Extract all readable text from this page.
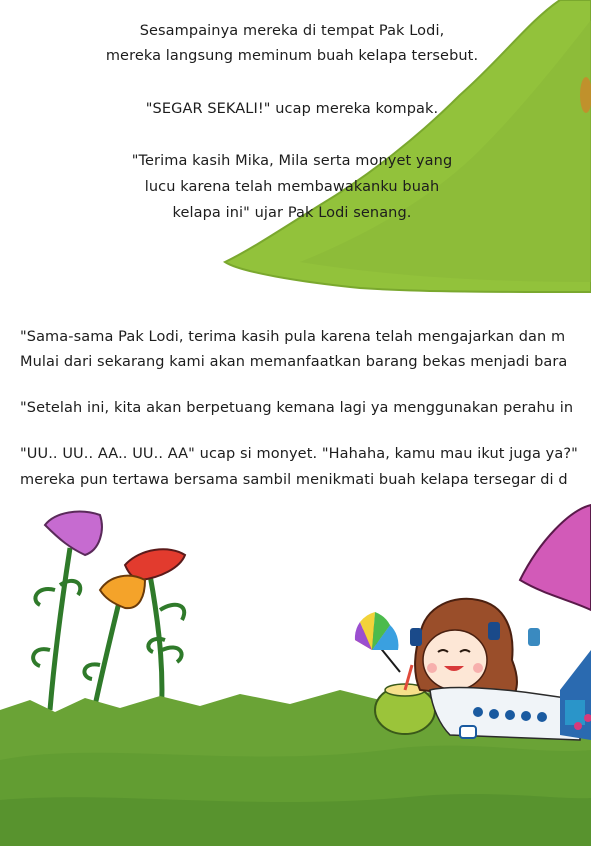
Sesampainya mereka di tempat Pak Lodi,

mereka langsung meminum buah kelapa tersebut.

"SEGAR SEKALI!" ucap mereka kompak.

"Terima kasih Mika, Mila serta monyet yang

lucu karena telah membawakanku buah

kelapa ini" ujar Pak Lodi senang.

"Sama-sama Pak Lodi, terima kasih pula karena telah mengajarkan dan m

Mulai dari sekarang kami akan memanfaatkan barang bekas menjadi bara

"Setelah ini, kita akan berpetuang kemana lagi ya menggunakan perahu in

"UU.. UU.. AA.. UU.. AA" ucap si monyet. "Hahaha, kamu mau ikut juga ya?"

mereka pun tertawa bersama sambil menikmati buah kelapa tersegar di d
